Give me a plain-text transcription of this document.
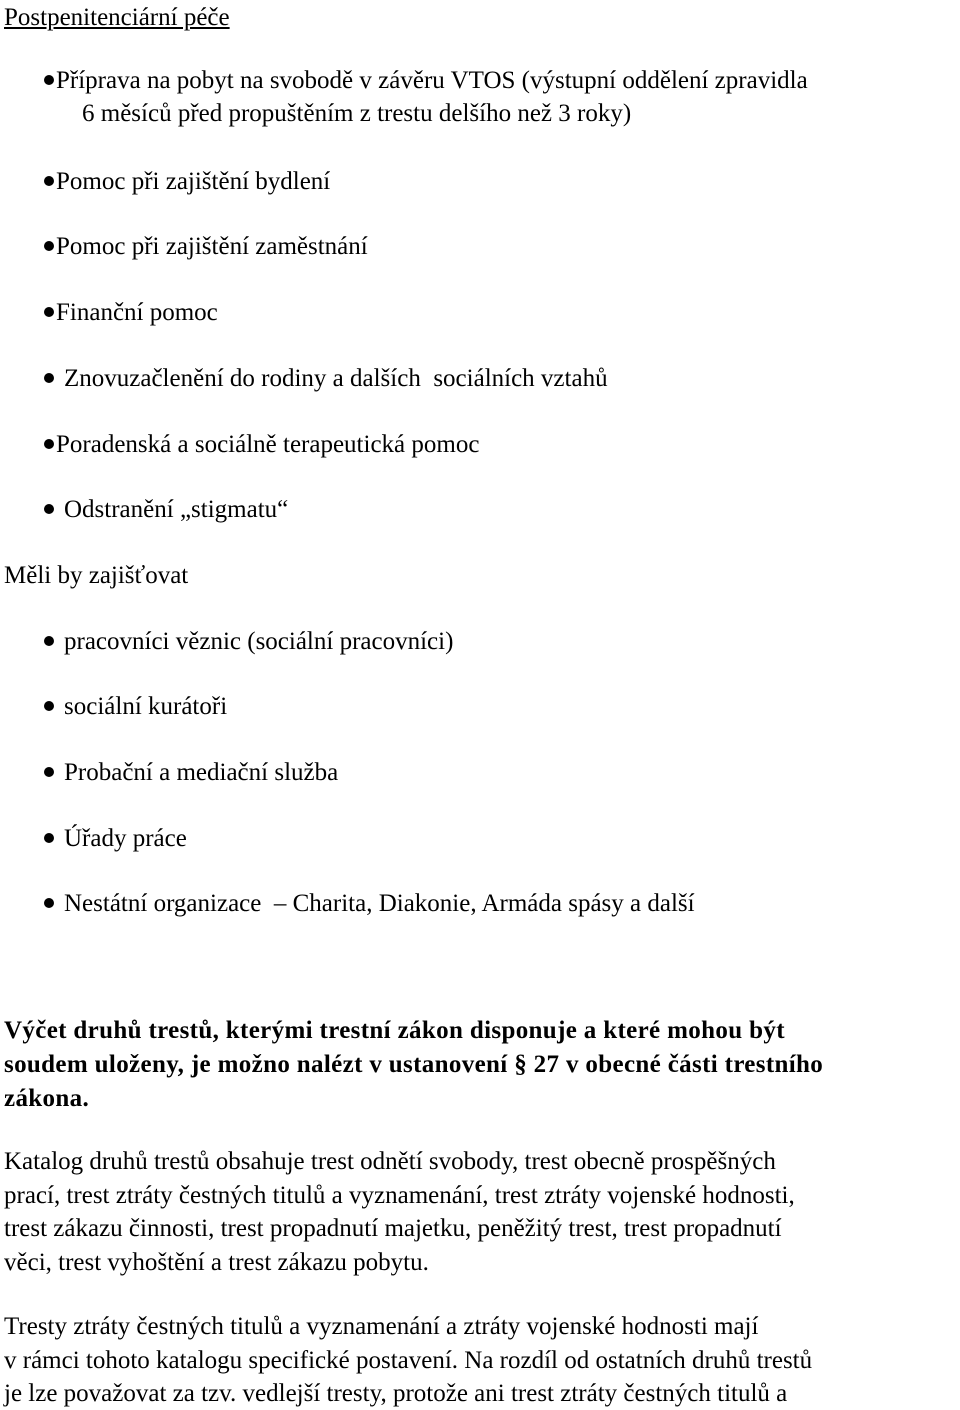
Postpenitenciární péče
Příprava na pobyt na svobodě v závěru VTOS (výstupní oddělení zpravidla
6 měsíců před propuštěním z trestu delšího než 3 roky)
Pomoc při zajištění bydlení
Pomoc při zajištění zaměstnání
Finanční pomoc
Znovuzačlenění do rodiny a dalších  sociálních vztahů
Poradenská a sociálně terapeutická pomoc
Odstranění „stigmatu“
Měli by zajišťovat
pracovníci věznic (sociální pracovníci)
sociální kurátoři
Probační a mediační služba
Úřady práce
Nestátní organizace  – Charita, Diakonie, Armáda spásy a další
Výčet druhů trestů, kterými trestní zákon disponuje a které mohou být
soudem uloženy, je možno nalézt v ustanovení § 27 v obecné části trestního
zákona.
Katalog druhů trestů obsahuje trest odnětí svobody, trest obecně prospěšných
prací, trest ztráty čestných titulů a vyznamenání, trest ztráty vojenské hodnosti,
trest zákazu činnosti, trest propadnutí majetku, peněžitý trest, trest propadnutí
věci, trest vyhoštění a trest zákazu pobytu.
Tresty ztráty čestných titulů a vyznamenání a ztráty vojenské hodnosti mají
v rámci tohoto katalogu specifické postavení. Na rozdíl od ostatních druhů trestů
je lze považovat za tzv. vedlejší tresty, protože ani trest ztráty čestných titulů a
